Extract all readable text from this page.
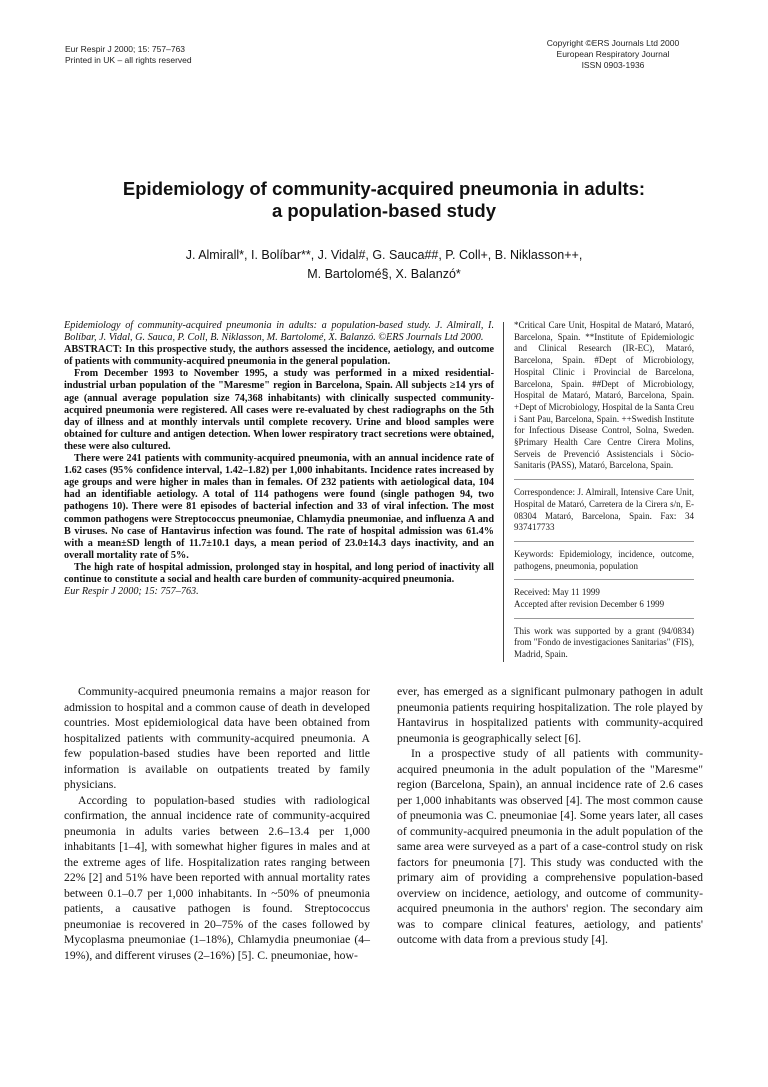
Eur Respir J 2000; 15: 757–763
Printed in UK – all rights reserved
Copyright ©ERS Journals Ltd 2000
European Respiratory Journal
ISSN 0903-1936
Epidemiology of community-acquired pneumonia in adults:
a population-based study
J. Almirall*, I. Bolíbar**, J. Vidal#, G. Sauca##, P. Coll+, B. Niklasson++,
M. Bartolomé§, X. Balanzó*

Epidemiology of community-acquired pneumonia in adults: a population-based study. J. Almirall, I. Bolíbar, J. Vidal, G. Sauca, P. Coll, B. Niklasson, M. Bartolomé, X. Balanzó. ©ERS Journals Ltd 2000.

ABSTRACT: In this prospective study, the authors assessed the incidence, aetiology, and outcome of patients with community-acquired pneumonia in the general population.

From December 1993 to November 1995, a study was performed in a mixed residential-industrial urban population of the "Maresme" region in Barcelona, Spain. All subjects ≥14 yrs of age (annual average population size 74,368 inhabitants) with clinically suspected community-acquired pneumonia were registered. All cases were re-evaluated by chest radiographs on the 5th day of illness and at monthly intervals until complete recovery. Urine and blood samples were obtained for culture and antigen detection. When lower respiratory tract secretions were obtained, these were also cultured.

There were 241 patients with community-acquired pneumonia, with an annual incidence rate of 1.62 cases (95% confidence interval, 1.42–1.82) per 1,000 inhabitants. Incidence rates increased by age groups and were higher in males than in females. Of 232 patients with aetiological data, 104 had an identifiable aetiology. A total of 114 pathogens were found (single pathogen 94, two pathogens 10). There were 81 episodes of bacterial infection and 33 of viral infection. The most common pathogens were Streptococcus pneumoniae, Chlamydia pneumoniae, and influenza A and B viruses. No case of Hantavirus infection was found. The rate of hospital admission was 61.4% with a mean±SD length of 11.7±10.1 days, a mean period of 23.0±14.3 days inactivity, and an overall mortality rate of 5%.

The high rate of hospital admission, prolonged stay in hospital, and long period of inactivity all continue to constitute a social and health care burden of community-acquired pneumonia.

Eur Respir J 2000; 15: 757–763.

*Critical Care Unit, Hospital de Mataró, Mataró, Barcelona, Spain. **Institute of Epidemiologic and Clinical Research (IR-EC), Mataró, Barcelona, Spain. #Dept of Microbiology, Hospital Clinic i Provincial de Barcelona, Barcelona, Spain. ##Dept of Microbiology, Hospital de Mataró, Mataró, Barcelona, Spain. +Dept of Microbiology, Hospital de la Santa Creu i Sant Pau, Barcelona, Spain. ++Swedish Institute for Infectious Disease Control, Solna, Sweden. §Primary Health Care Centre Cirera Molins, Serveis de Prevenció Assistencials i Sòcio-Sanitaris (PASS), Mataró, Barcelona, Spain.

Correspondence: J. Almirall, Intensive Care Unit, Hospital de Mataró, Carretera de la Cirera s/n, E-08304 Mataró, Barcelona, Spain. Fax: 34 937417733

Keywords: Epidemiology, incidence, outcome, pathogens, pneumonia, population

Received: May 11 1999

Accepted after revision December 6 1999

This work was supported by a grant (94/0834) from "Fondo de investigaciones Sanitarias" (FIS), Madrid, Spain.

Community-acquired pneumonia remains a major reason for admission to hospital and a common cause of death in developed countries. Most epidemiological data have been obtained from hospitalized patients with community-acquired pneumonia. A few population-based studies have been reported and little information is available on outpatients treated by family physicians.

According to population-based studies with radiological confirmation, the annual incidence rate of community-acquired pneumonia in adults varies between 2.6–13.4 per 1,000 inhabitants [1–4], with somewhat higher figures in males and at the extreme ages of life. Hospitalization rates ranging between 22% [2] and 51% have been reported with annual mortality rates between 0.1–0.7 per 1,000 inhabitants. In ~50% of pneumonia patients, a causative pathogen is found. Streptococcus pneumoniae is recovered in 20–75% of the cases followed by Mycoplasma pneumoniae (1–18%), Chlamydia pneumoniae (4–19%), and different viruses (2–16%) [5]. C. pneumoniae, how-

ever, has emerged as a significant pulmonary pathogen in adult pneumonia patients requiring hospitalization. The role played by Hantavirus in hospitalized patients with community-acquired pneumonia is geographically select [6].

In a prospective study of all patients with community-acquired pneumonia in the adult population of the "Maresme" region (Barcelona, Spain), an annual incidence rate of 2.6 cases per 1,000 inhabitants was observed [4]. The most common cause of pneumonia was C. pneumoniae [4]. Some years later, all cases of community-acquired pneumonia in the adult population of the same area were surveyed as a part of a case-control study on risk factors for pneumonia [7]. This study was conducted with the primary aim of providing a comprehensive population-based overview on incidence, aetiology, and outcome of community-acquired pneumonia in the authors' region. The secondary aim was to compare clinical features, aetiology, and patients' outcome with data from a previous study [4].
